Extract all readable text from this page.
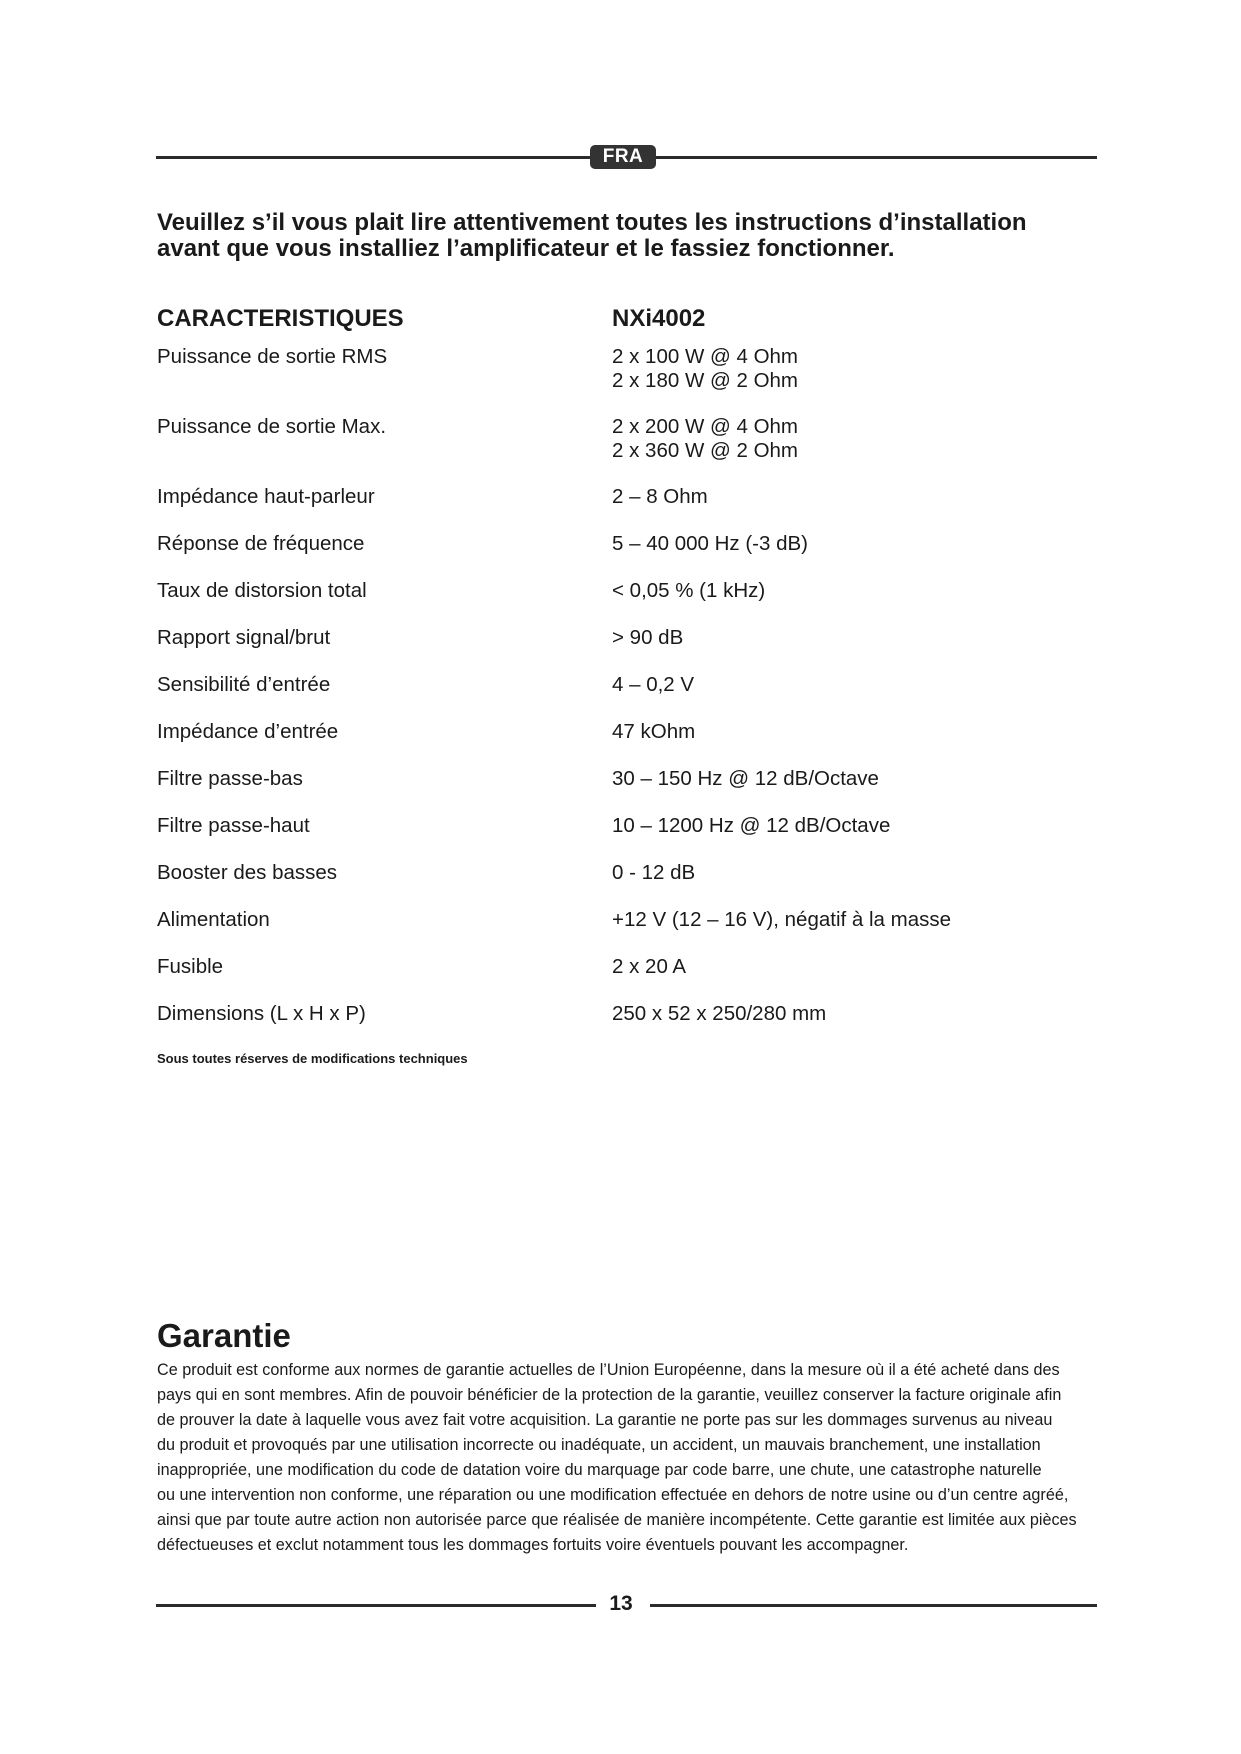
FRA

Veuillez s’il vous plait lire attentivement toutes les instructions d’installation
avant que vous installiez l’amplificateur et le fassiez fonctionner.

CARACTERISTIQUES	NXi4002
Puissance de sortie RMS	2 x 100 W @ 4 Ohm
2 x 180 W @ 2 Ohm
Puissance de sortie Max.	2 x 200 W @ 4 Ohm
2 x 360 W @ 2 Ohm
Impédance haut-parleur	2 – 8 Ohm
Réponse de fréquence	5 – 40 000 Hz (-3 dB)
Taux de distorsion total	< 0,05 % (1 kHz)
Rapport signal/brut	> 90 dB
Sensibilité d’entrée	4 – 0,2 V
Impédance d’entrée	47 kOhm
Filtre passe-bas	30 – 150 Hz @ 12 dB/Octave
Filtre passe-haut	10 – 1200 Hz @ 12 dB/Octave
Booster des basses	0 - 12 dB
Alimentation	+12 V (12 – 16 V), négatif à la masse
Fusible	2 x 20 A
Dimensions (L x H x P)	250 x 52 x 250/280 mm
Sous toutes réserves de modifications techniques
Garantie

Ce produit est conforme aux normes de garantie actuelles de l’Union Européenne, dans la mesure où il a été acheté dans des
pays qui en sont membres. Afin de pouvoir bénéficier de la protection de la garantie, veuillez conserver la facture originale afin
de prouver la date à laquelle vous avez fait votre acquisition. La garantie ne porte pas sur les dommages survenus au niveau
du produit et provoqués par une utilisation incorrecte ou inadéquate, un accident, un mauvais branchement, une installation
inappropriée, une modification du code de datation voire du marquage par code barre, une chute, une catastrophe naturelle
ou une intervention non conforme, une réparation ou une modification effectuée en dehors de notre usine ou d’un centre agréé,
ainsi que par toute autre action non autorisée parce que réalisée de manière incompétente. Cette garantie est limitée aux pièces
défectueuses et exclut notamment tous les dommages fortuits voire éventuels pouvant les accompagner.

13
